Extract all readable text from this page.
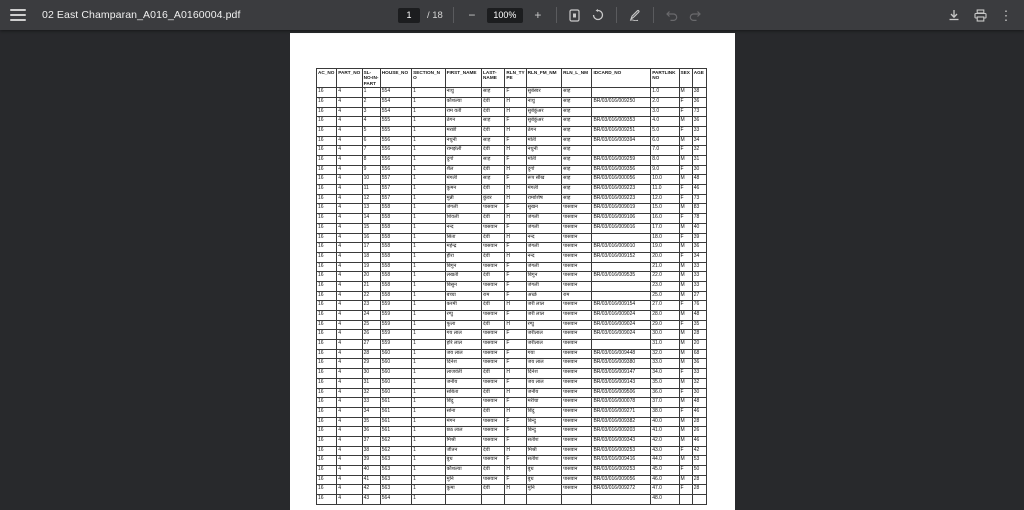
02 East Champaran_A016_A0160004.pdf
1	/ 18	−	100%	+	⋮
AC_NO	PART_NO	SL-NO-IN-PART	HOUSE_NO	SECTION_NO	FIRST_NAME	LAST-NAME	RLN_TYPE	RLN_FM_NM	RLN_L_NM	IDCARD_NO	PARTLINKNO	SEX	AGE
16	4	1	554	1	नाथु	साह	F	सुबेस्वर	साह		1.0	M	38
16	4	2	554	1	कौशल्या	देवी	H	नाथु	साह	BR/03/016/009250	2.0	F	36
16	4	3	554	1	राम वती	देवी	H	सुबेकुंअर	साह		3.0	F	73
16	4	4	555	1	ठेगन	साह	F	सुबेकुंअर	साह	BR/03/016/009353	4.0	M	36
16	4	5	555	1	मरछी	देवी	H	ठेगन	साह	BR/03/016/009251	5.0	F	33
16	4	6	556	1	नथुनी	साह	F	मोती	साह	BR/03/016/009394	6.0	M	34
16	4	7	556	1	रामझेली	देवी	H	नथुनी	साह		7.0	F	32
16	4	8	556	1	दुर्गा	साह	F	मोती	साह	BR/03/016/009259	8.0	M	31
16	4	9	556	1	शैल	देवी	H	दुर्गा	साह	BR/03/016/009356	9.0	F	30
16	4	10	557	1	मंगली	साह	F	रूप सीख	साह	BR/03/016/000056	10.0	M	48
16	4	11	557	1	कुमन	देवी	H	मंगली	साह	BR/03/016/009223	11.0	F	46
16	4	12	557	1	मुन्नी	कुंवर	H	रामाशिष	साह	BR/03/016/009223	12.0	F	73
16	4	13	558	1	जंगली	पासवान	F	सुखन	पासवान	BR/03/016/009019	15.0	M	83
16	4	14	558	1	शिवली	देवी	H	जंगली	पासवान	BR/03/016/009106	16.0	F	78
16	4	15	558	1	नन्द	पासवान	F	जंगली	पासवान	BR/03/016/009016	17.0	M	40
16	4	16	558	1	सिता	देवी	H	नन्द	पासवान		18.0	F	39
16	4	17	558	1	महेन्द्र	पासवान	F	जंगली	पासवान	BR/03/016/009010	19.0	M	36
16	4	18	558	1	हीरा	देवी	H	नन्द	पासवान	BR/03/016/009152	20.0	F	34
16	4	19	558	1	बिगुन	पासवान	F	जंगली	पासवान		21.0	M	33
16	4	20	558	1	लखती	देवी	F	बिगुन	पासवान	BR/03/016/009535	22.0	M	33
16	4	21	558	1	बिसुन	पासवान	F	जंगली	पासवान		23.0	M	33
16	4	22	558	1	बच्चा	राम	F	अच्छे	राम		25.0	M	27
16	4	23	559	1	करमी	देवी	H	जर्री लाल	पासवान	BR/03/016/009154	27.0	F	76
16	4	24	559	1	रग्घु	पासवान	F	जर्री लाल	पासवान	BR/03/016/009024	28.0	M	48
16	4	25	559	1	फूला	देवी	H	रग्घु	पासवान	BR/03/016/009024	29.0	F	35
16	4	26	559	1	गय लाल	पासवान	F	जर्रीलाल	पासवान	BR/03/016/009024	30.0	M	28
16	4	27	559	1	हरि लाल	पासवान	F	जर्रीलाल	पासवान		31.0	M	20
16	4	28	560	1	जय लाल	पासवान	F	गया	पासवान	BR/03/016/009448	32.0	M	68
16	4	29	560	1	दिनेश	पासवान	F	जय लाल	पासवान	BR/03/016/009380	33.0	M	36
16	4	30	560	1	लाजवंती	देवी	H	दिनेश	पासवान	BR/03/016/009147	34.0	F	33
16	4	31	560	1	जनीय	पासवान	F	जय लाल	पासवान	BR/03/016/009143	35.0	M	32
16	4	32	560	1	सबिता	देवी	H	जनीय	पासवान	BR/03/016/009506	36.0	F	30
16	4	33	561	1	बिंदु	पासवान	F	मरीचा	पासवान	BR/03/016/000078	37.0	M	48
16	4	34	561	1	सोना	देवी	H	बिंदु	पासवान	BR/03/016/009271	38.0	F	46
16	4	35	561	1	मंगन	पासवान	F	बिन्दु	पासवान	BR/03/016/009382	40.0	M	28
16	4	36	561	1	छठ लाल	पासवान	F	बिन्दु	पासवान	BR/03/016/009203	41.0	M	26
16	4	37	562	1	मिश्री	पासवान	F	सतीश	पासवान	BR/03/016/009343	42.0	M	46
16	4	38	562	1	जीतन	देवी	H	मिश्री	पासवान	BR/03/016/009253	43.0	F	42
16	4	39	563	1	बुध	पासवान	F	सतीश	पासवान	BR/03/016/009416	44.0	M	53
16	4	40	563	1	कौशल्या	देवी	H	बुध	पासवान	BR/03/016/009253	45.0	F	50
16	4	41	563	1	मुनि	पासवान	F	बुध	पासवान	BR/03/016/009056	46.0	M	28
16	4	42	563	1	कुमा	देवी	H	मुनि	पासवान	BR/03/016/009272	47.0	F	28
16	4	43	564	1							48.0		
